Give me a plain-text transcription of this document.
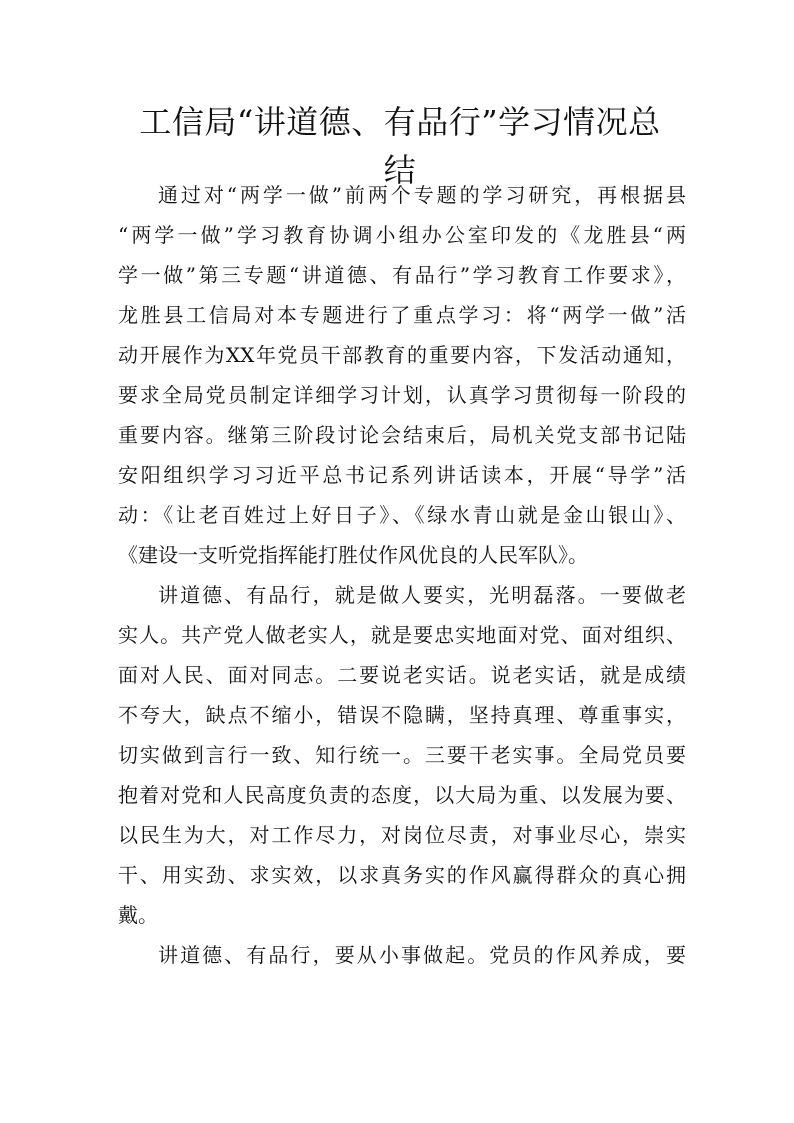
工信局“讲道德、有品行”学习情况总
结
通过对“两学一做”前两个专题的学习研究，再根据县
“两学一做”学习教育协调小组办公室印发的《龙胜县“两
学一做”第三专题“讲道德、有品行”学习教育工作要求》，
龙胜县工信局对本专题进行了重点学习：将“两学一做”活
动开展作为XX年党员干部教育的重要内容，下发活动通知，
要求全局党员制定详细学习计划，认真学习贯彻每一阶段的
重要内容。继第三阶段讨论会结束后，局机关党支部书记陆
安阳组织学习习近平总书记系列讲话读本，开展“导学”活
动：《让老百姓过上好日子》、《绿水青山就是金山银山》、
《建设一支听党指挥能打胜仗作风优良的人民军队》。
讲道德、有品行，就是做人要实，光明磊落。一要做老
实人。共产党人做老实人，就是要忠实地面对党、面对组织、
面对人民、面对同志。二要说老实话。说老实话，就是成绩
不夸大，缺点不缩小，错误不隐瞒，坚持真理、尊重事实，
切实做到言行一致、知行统一。三要干老实事。全局党员要
抱着对党和人民高度负责的态度，以大局为重、以发展为要、
以民生为大，对工作尽力，对岗位尽责，对事业尽心，崇实
干、用实劲、求实效，以求真务实的作风赢得群众的真心拥
戴。
讲道德、有品行，要从小事做起。党员的作风养成，要
